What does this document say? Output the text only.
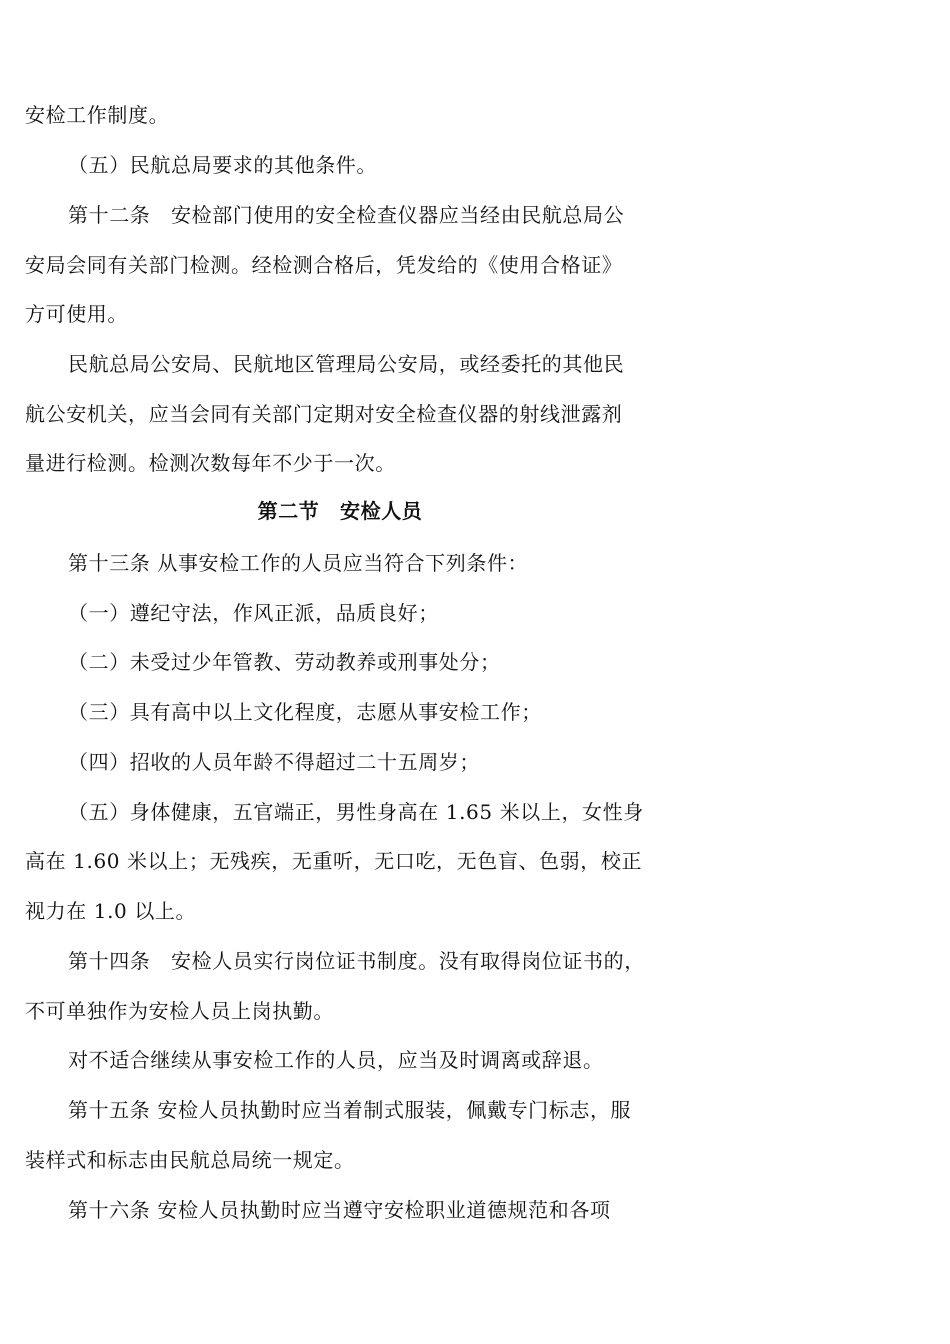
安检工作制度。
（五）民航总局要求的其他条件。
第十二条　安检部门使用的安全检查仪器应当经由民航总局公
安局会同有关部门检测。经检测合格后，凭发给的《使用合格证》
方可使用。
民航总局公安局、民航地区管理局公安局，或经委托的其他民
航公安机关，应当会同有关部门定期对安全检查仪器的射线泄露剂
量进行检测。检测次数每年不少于一次。
第二节　安检人员
第十三条 从事安检工作的人员应当符合下列条件：
（一）遵纪守法，作风正派，品质良好；
（二）未受过少年管教、劳动教养或刑事处分；
（三）具有高中以上文化程度，志愿从事安检工作；
（四）招收的人员年龄不得超过二十五周岁；
（五）身体健康，五官端正，男性身高在 1.65 米以上，女性身
高在 1.60 米以上；无残疾，无重听，无口吃，无色盲、色弱，校正
视力在 1.0 以上。
第十四条　安检人员实行岗位证书制度。没有取得岗位证书的，
不可单独作为安检人员上岗执勤。
对不适合继续从事安检工作的人员，应当及时调离或辞退。
第十五条 安检人员执勤时应当着制式服装，佩戴专门标志，服
装样式和标志由民航总局统一规定。
第十六条 安检人员执勤时应当遵守安检职业道德规范和各项
